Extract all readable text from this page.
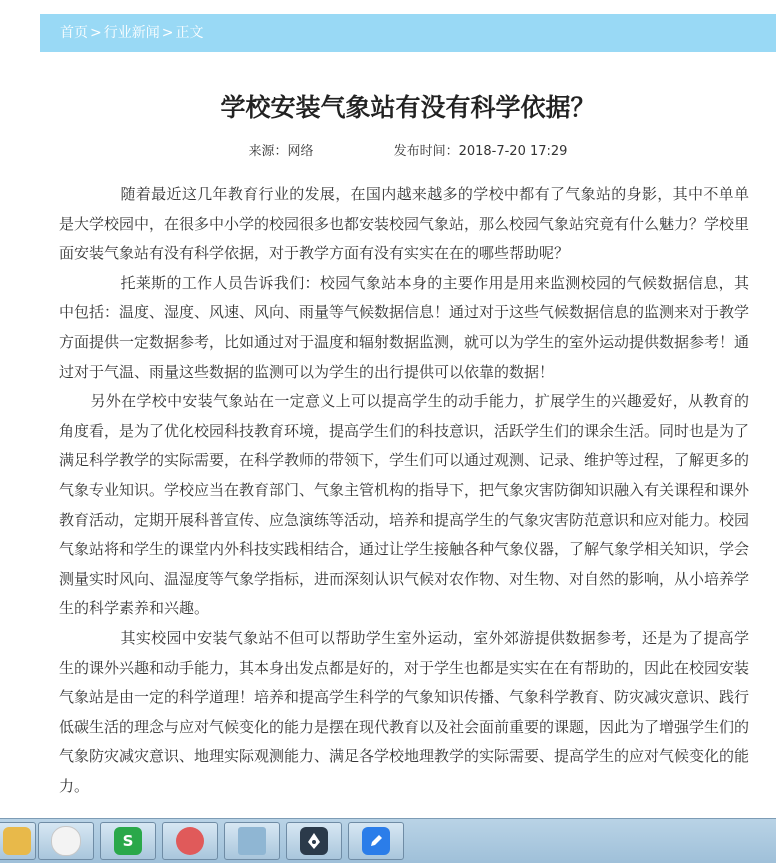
首页 > 行业新闻 > 正文
学校安装气象站有没有科学依据？
来源：网络	发布时间：2018-7-20 17:29

随着最近这几年教育行业的发展，在国内越来越多的学校中都有了气象站的身影，其中不单单是大学校园中，在很多中小学的校园很多也都安装校园气象站，那么校园气象站究竟有什么魅力？学校里面安装气象站有没有科学依据，对于教学方面有没有实实在在的哪些帮助呢？

托莱斯的工作人员告诉我们：校园气象站本身的主要作用是用来监测校园的气候数据信息，其中包括：温度、湿度、风速、风向、雨量等气候数据信息！通过对于这些气候数据信息的监测来对于教学方面提供一定数据参考，比如通过对于温度和辐射数据监测，就可以为学生的室外运动提供数据参考！通过对于气温、雨量这些数据的监测可以为学生的出行提供可以依靠的数据！

另外在学校中安装气象站在一定意义上可以提高学生的动手能力，扩展学生的兴趣爱好，从教育的角度看，是为了优化校园科技教育环境，提高学生们的科技意识，活跃学生们的课余生活。同时也是为了满足科学教学的实际需要，在科学教师的带领下，学生们可以通过观测、记录、维护等过程，了解更多的气象专业知识。学校应当在教育部门、气象主管机构的指导下，把气象灾害防御知识融入有关课程和课外教育活动，定期开展科普宣传、应急演练等活动，培养和提高学生的气象灾害防范意识和应对能力。校园气象站将和学生的课堂内外科技实践相结合，通过让学生接触各种气象仪器，了解气象学相关知识，学会测量实时风向、温湿度等气象学指标，进而深刻认识气候对农作物、对生物、对自然的影响，从小培养学生的科学素养和兴趣。

其实校园中安装气象站不但可以帮助学生室外运动，室外郊游提供数据参考，还是为了提高学生的课外兴趣和动手能力，其本身出发点都是好的，对于学生也都是实实在在有帮助的，因此在校园安装气象站是由一定的科学道理！培养和提高学生科学的气象知识传播、气象科学教育、防灾减灾意识、践行低碳生活的理念与应对气候变化的能力是摆在现代教育以及社会面前重要的课题，因此为了增强学生们的气象防灾减灾意识、地理实际观测能力、满足各学校地理教学的实际需要、提高学生的应对气候变化的能力。

S
